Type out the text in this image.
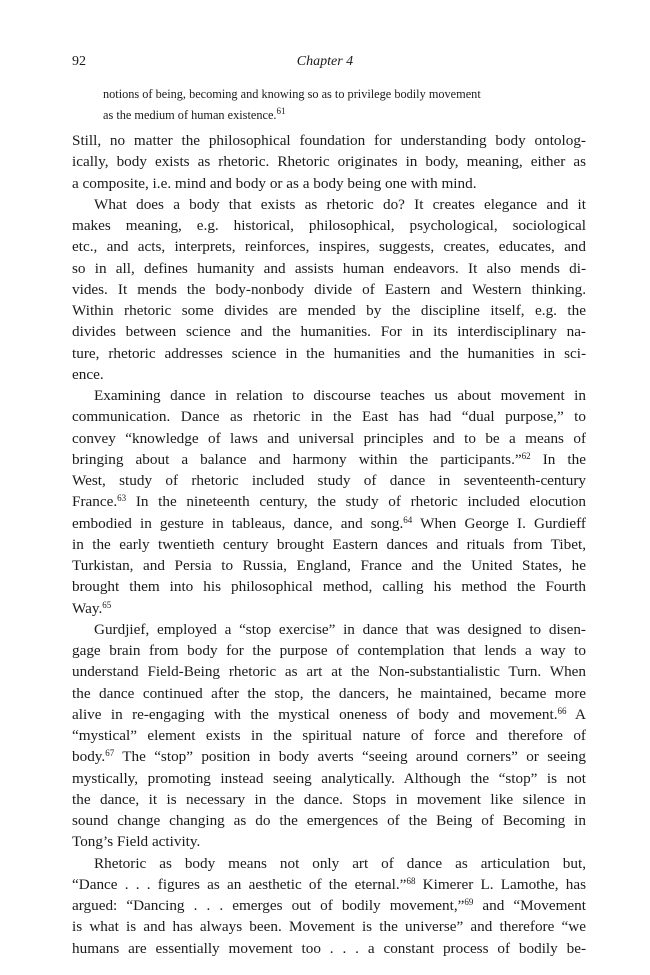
92	Chapter 4
notions of being, becoming and knowing so as to privilege bodily movement
as the medium of human existence.$^{61}$
Still, no matter the philosophical foundation for understanding body ontolog-
ically, body exists as rhetoric. Rhetoric originates in body, meaning, either as
a composite, i.e. mind and body or as a body being one with mind.
What does a body that exists as rhetoric do? It creates elegance and it
makes meaning, e.g. historical, philosophical, psychological, sociological
etc., and acts, interprets, reinforces, inspires, suggests, creates, educates, and
so in all, defines humanity and assists human endeavors. It also mends di-
vides. It mends the body-nonbody divide of Eastern and Western thinking.
Within rhetoric some divides are mended by the discipline itself, e.g. the
divides between science and the humanities. For in its interdisciplinary na-
ture, rhetoric addresses science in the humanities and the humanities in sci-
ence.
Examining dance in relation to discourse teaches us about movement in
communication. Dance as rhetoric in the East has had “dual purpose,” to
convey “knowledge of laws and universal principles and to be a means of
bringing about a balance and harmony within the participants.”$^{62}$ In the
West, study of rhetoric included study of dance in seventeenth-century
France.$^{63}$ In the nineteenth century, the study of rhetoric included elocution
embodied in gesture in tableaus, dance, and song.$^{64}$ When George I. Gurdieff
in the early twentieth century brought Eastern dances and rituals from Tibet,
Turkistan, and Persia to Russia, England, France and the United States, he
brought them into his philosophical method, calling his method the Fourth
Way.$^{65}$
Gurdjief, employed a “stop exercise” in dance that was designed to disen-
gage brain from body for the purpose of contemplation that lends a way to
understand Field-Being rhetoric as art at the Non-substantialistic Turn. When
the dance continued after the stop, the dancers, he maintained, became more
alive in re-engaging with the mystical oneness of body and movement.$^{66}$ A
“mystical” element exists in the spiritual nature of force and therefore of
body.$^{67}$ The “stop” position in body averts “seeing around corners” or seeing
mystically, promoting instead seeing analytically. Although the “stop” is not
the dance, it is necessary in the dance. Stops in movement like silence in
sound change changing as do the emergences of the Being of Becoming in
Tong’s Field activity.
Rhetoric as body means not only art of dance as articulation but,
“Dance . . . figures as an aesthetic of the eternal.”$^{68}$ Kimerer L. Lamothe, has
argued: “Dancing . . . emerges out of bodily movement,”$^{69}$ and “Movement
is what is and has always been. Movement is the universe” and therefore “we
humans are essentially movement too . . . a constant process of bodily be-
